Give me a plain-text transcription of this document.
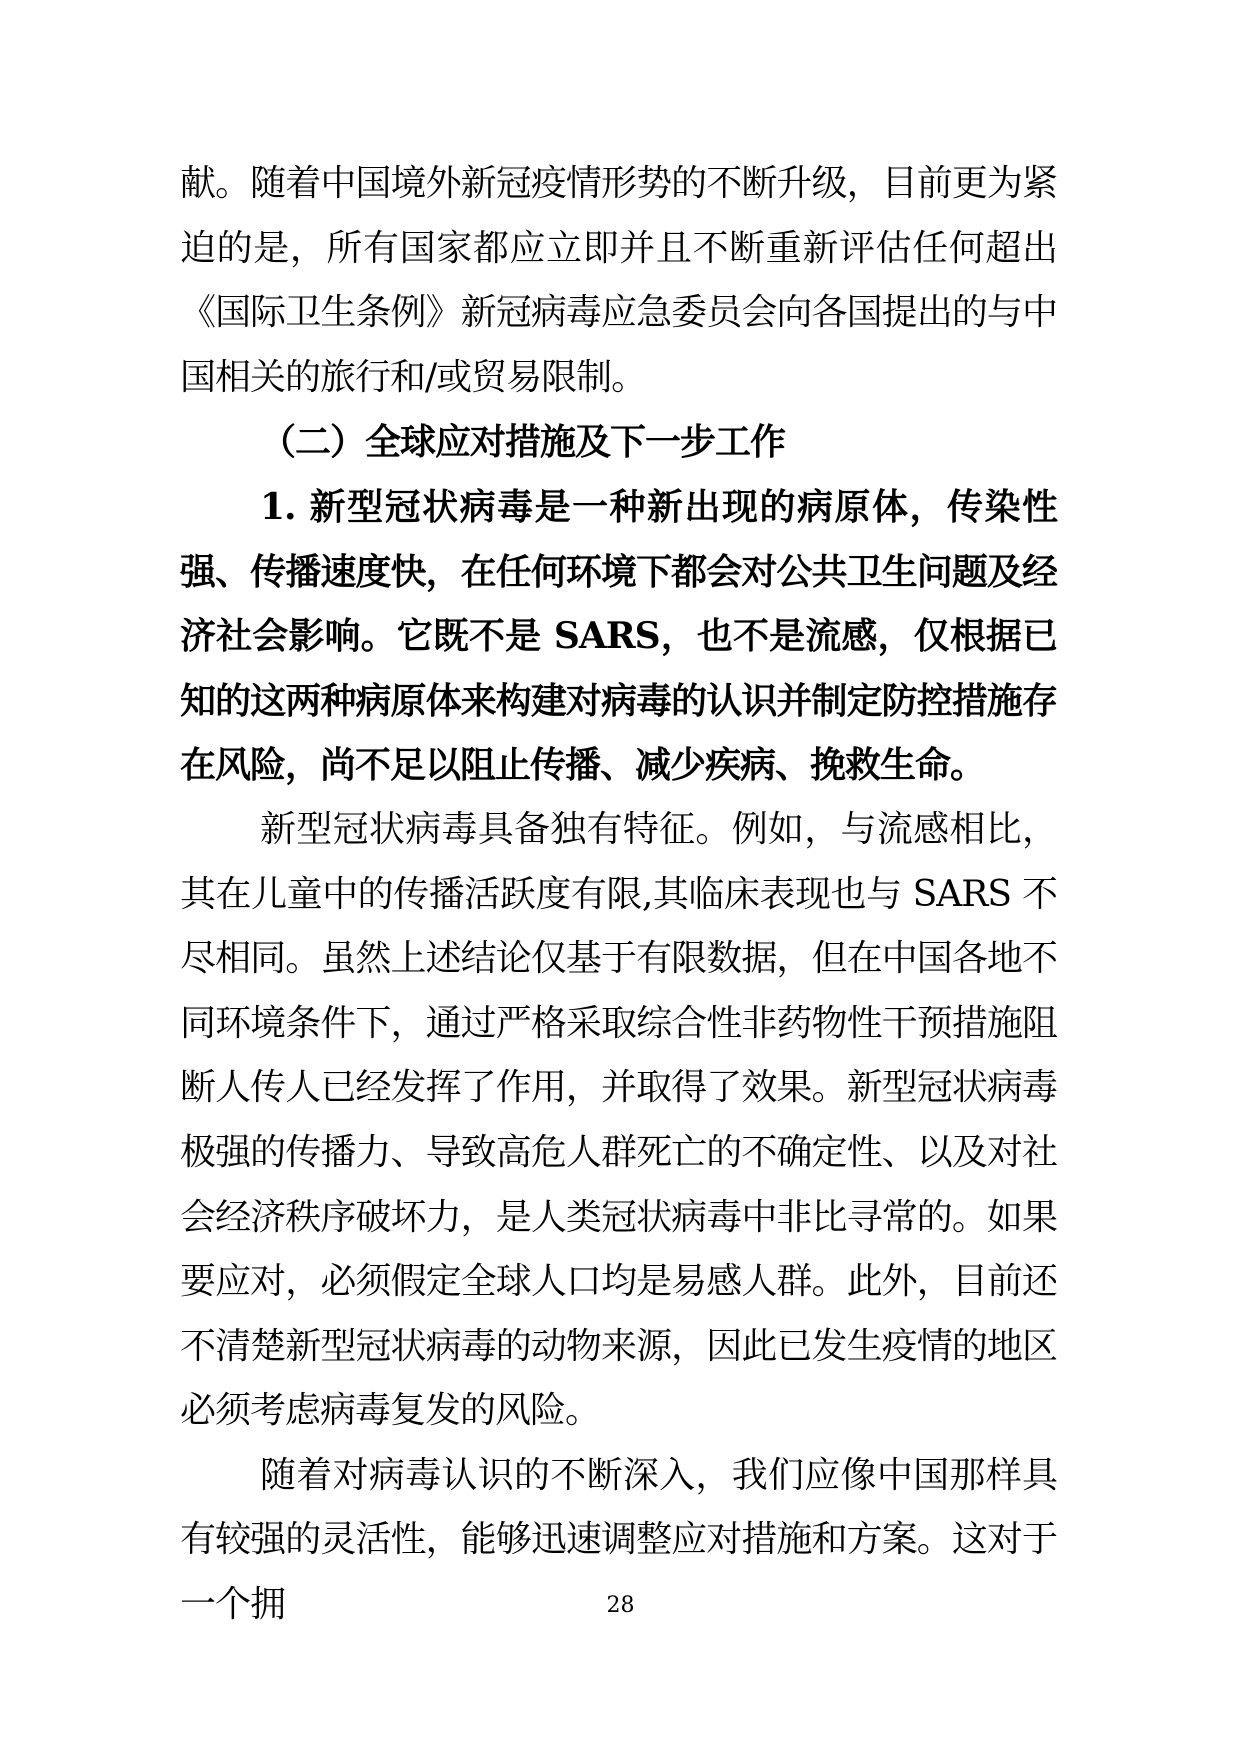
献。随着中国境外新冠疫情形势的不断升级，目前更为紧迫的是，所有国家都应立即并且不断重新评估任何超出《国际卫生条例》新冠病毒应急委员会向各国提出的与中国相关的旅行和/或贸易限制。

（二）全球应对措施及下一步工作

1. 新型冠状病毒是一种新出现的病原体，传染性强、传播速度快，在任何环境下都会对公共卫生问题及经济社会影响。它既不是 SARS，也不是流感，仅根据已知的这两种病原体来构建对病毒的认识并制定防控措施存在风险，尚不足以阻止传播、减少疾病、挽救生命。

新型冠状病毒具备独有特征。例如，与流感相比，其在儿童中的传播活跃度有限,其临床表现也与 SARS 不尽相同。虽然上述结论仅基于有限数据，但在中国各地不同环境条件下，通过严格采取综合性非药物性干预措施阻断人传人已经发挥了作用，并取得了效果。新型冠状病毒极强的传播力、导致高危人群死亡的不确定性、以及对社会经济秩序破坏力，是人类冠状病毒中非比寻常的。如果要应对，必须假定全球人口均是易感人群。此外，目前还不清楚新型冠状病毒的动物来源，因此已发生疫情的地区必须考虑病毒复发的风险。

随着对病毒认识的不断深入，我们应像中国那样具有较强的灵活性，能够迅速调整应对措施和方案。这对于一个拥	28
